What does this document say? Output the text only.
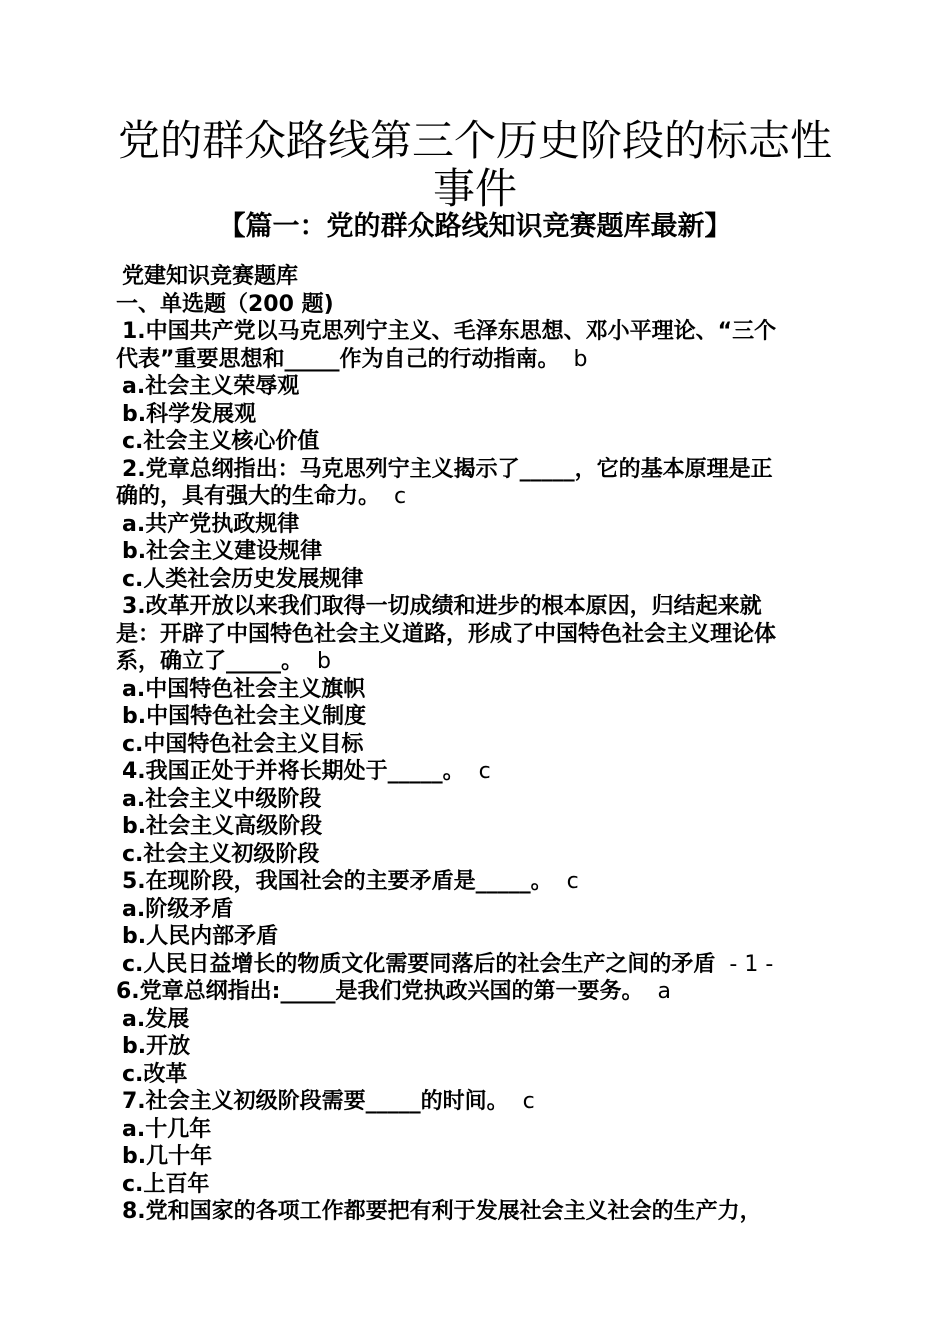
党的群众路线第三个历史阶段的标志性
事件
【篇一：党的群众路线知识竞赛题库最新】
党建知识竞赛题库
一、单选题（200 题)
1.中国共产党以马克思列宁主义、毛泽东思想、邓小平理论、“三个
代表”重要思想和_____作为自己的行动指南。 b
a.社会主义荣辱观
b.科学发展观
c.社会主义核心价值
2.党章总纲指出：马克思列宁主义揭示了_____，它的基本原理是正
确的，具有强大的生命力。 c
a.共产党执政规律
b.社会主义建设规律
c.人类社会历史发展规律
3.改革开放以来我们取得一切成绩和进步的根本原因，归结起来就
是：开辟了中国特色社会主义道路，形成了中国特色社会主义理论体
系，确立了_____。 b
a.中国特色社会主义旗帜
b.中国特色社会主义制度
c.中国特色社会主义目标
4.我国正处于并将长期处于_____。 c
a.社会主义中级阶段
b.社会主义高级阶段
c.社会主义初级阶段
5.在现阶段，我国社会的主要矛盾是_____。 c
a.阶级矛盾
b.人民内部矛盾
c.人民日益增长的物质文化需要同落后的社会生产之间的矛盾 - 1 -
6.党章总纲指出:_____是我们党执政兴国的第一要务。 a
a.发展
b.开放
c.改革
7.社会主义初级阶段需要_____的时间。 c
a.十几年
b.几十年
c.上百年
8.党和国家的各项工作都要把有利于发展社会主义社会的生产力，
